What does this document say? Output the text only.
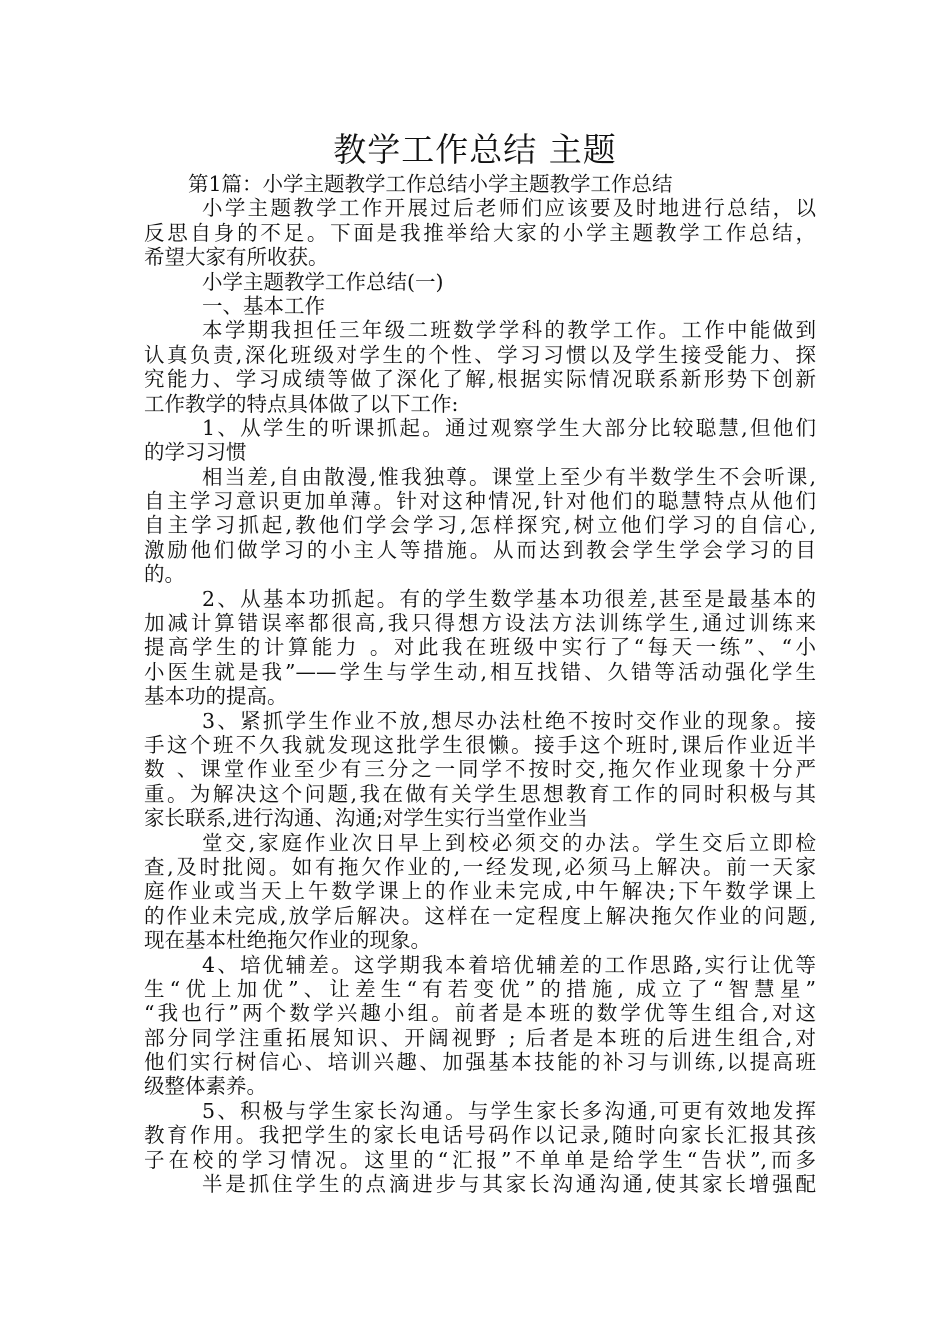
教学工作总结 主题
第1篇：小学主题教学工作总结小学主题教学工作总结
小学主题教学工作开展过后老师们应该要及时地进行总结，以
反思自身的不足。下面是我推举给大家的小学主题教学工作总结，
希望大家有所收获。
小学主题教学工作总结(一)
一、基本工作
本学期我担任三年级二班数学学科的教学工作。工作中能做到
认真负责,深化班级对学生的个性、学习习惯以及学生接受能力、探
究能力、学习成绩等做了深化了解,根据实际情况联系新形势下创新
工作教学的特点具体做了以下工作:
1、从学生的听课抓起。通过观察学生大部分比较聪慧,但他们
的学习习惯
相当差,自由散漫,惟我独尊。课堂上至少有半数学生不会听课,
自主学习意识更加单薄。针对这种情况,针对他们的聪慧特点从他们
自主学习抓起,教他们学会学习,怎样探究,树立他们学习的自信心,
激励他们做学习的小主人等措施。从而达到教会学生学会学习的目
的。
2、从基本功抓起。有的学生数学基本功很差,甚至是最基本的
加减计算错误率都很高,我只得想方设法方法训练学生,通过训练来
提高学生的计算能力 。对此我在班级中实行了“每天一练”、“小
小医生就是我”——学生与学生动,相互找错、久错等活动强化学生
基本功的提高。
3、紧抓学生作业不放,想尽办法杜绝不按时交作业的现象。接
手这个班不久我就发现这批学生很懒。接手这个班时,课后作业近半
数 、课堂作业至少有三分之一同学不按时交,拖欠作业现象十分严
重。为解决这个问题,我在做有关学生思想教育工作的同时积极与其
家长联系,进行沟通、沟通;对学生实行当堂作业当
堂交,家庭作业次日早上到校必须交的办法。学生交后立即检
查,及时批阅。如有拖欠作业的,一经发现,必须马上解决。前一天家
庭作业或当天上午数学课上的作业未完成,中午解决;下午数学课上
的作业未完成,放学后解决。这样在一定程度上解决拖欠作业的问题,
现在基本杜绝拖欠作业的现象。
4、培优辅差。这学期我本着培优辅差的工作思路,实行让优等
生“优上加优”、让差生“有若变优”的措施, 成立了“智慧星”
“我也行”两个数学兴趣小组。前者是本班的数学优等生组合,对这
部分同学注重拓展知识、开阔视野 ; 后者是本班的后进生组合,对
他们实行树信心、培训兴趣、加强基本技能的补习与训练,以提高班
级整体素养。
5、积极与学生家长沟通。与学生家长多沟通,可更有效地发挥
教育作用。我把学生的家长电话号码作以记录,随时向家长汇报其孩
子在校的学习情况。这里的“汇报”不单单是给学生“告状”,而多
半是抓住学生的点滴进步与其家长沟通沟通,使其家长增强配
